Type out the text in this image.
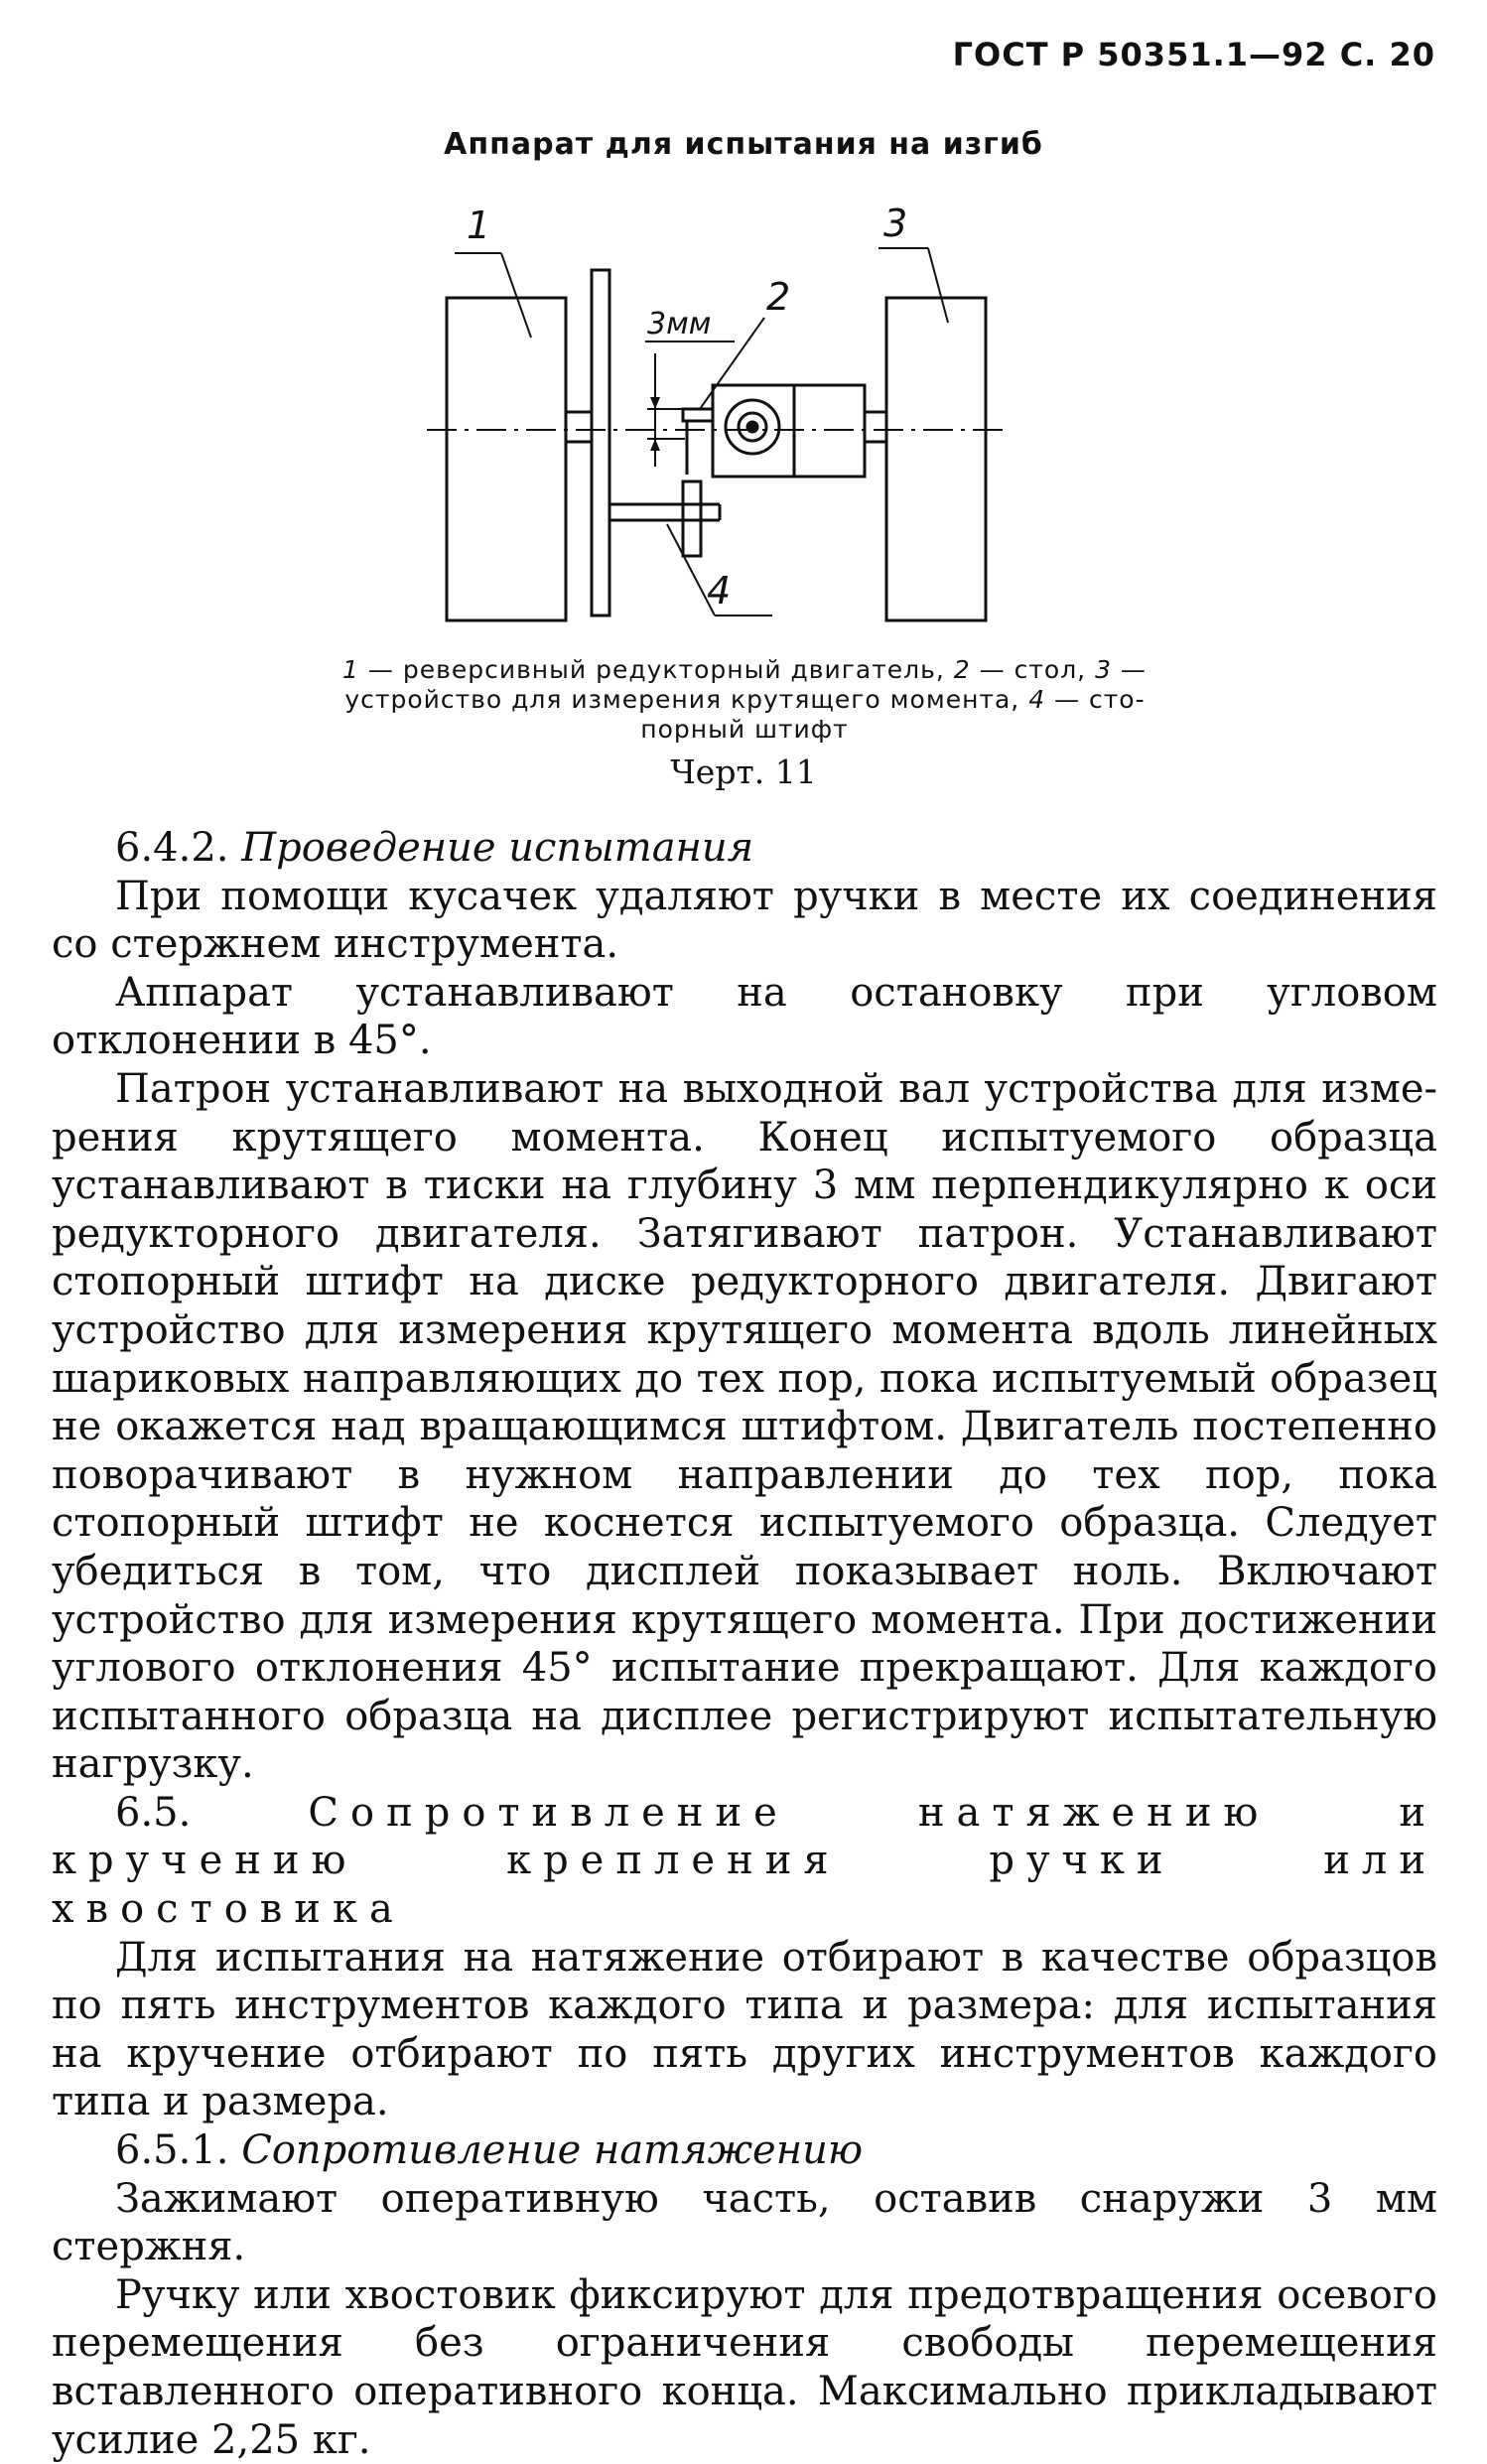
ГОСТ Р 50351.1—92 С. 20
Аппарат для испытания на изгиб
1	3
2
4
3мм
1 — реверсивный редукторный двигатель, 2 — стол, 3 — устройство для измерения крутящего момента, 4 — стопорный штифт
Черт. 11

6.4.2. Проведение испытания

При помощи кусачек удаляют ручки в месте их соединения со стержнем инструмента.

Аппарат устанавливают на остановку при угловом отклонении в 45°.

Патрон устанавливают на выходной вал устройства для измерения крутящего момента. Конец испытуемого образца устанавливают в тиски на глубину 3 мм перпендикулярно к оси редукторного двигателя. Затягивают патрон. Устанавливают стопорный штифт на диске редукторного двигателя. Двигают устройство для измерения крутящего момента вдоль линейных шариковых направляющих до тех пор, пока испытуемый образец не окажется над вращающимся штифтом. Двигатель постепенно поворачивают в нужном направлении до тех пор, пока стопорный штифт не коснется испытуемого образца. Следует убедиться в том, что дисплей показывает ноль. Включают устройство для измерения крутящего момента. При достижении углового отклонения 45° испытание прекращают. Для каждого испытанного образца на дисплее регистрируют испытательную нагрузку.

6.5. Сопротивление натяжению и кручению крепления ручки или хвостовика

Для испытания на натяжение отбирают в качестве образцов по пять инструментов каждого типа и размера: для испытания на кручение отбирают по пять других инструментов каждого типа и размера.

6.5.1. Сопротивление натяжению

Зажимают оперативную часть, оставив снаружи 3 мм стержня.

Ручку или хвостовик фиксируют для предотвращения осевого перемещения без ограничения свободы перемещения вставленного оперативного конца. Максимально прикладывают усилие 2,25 кг.
